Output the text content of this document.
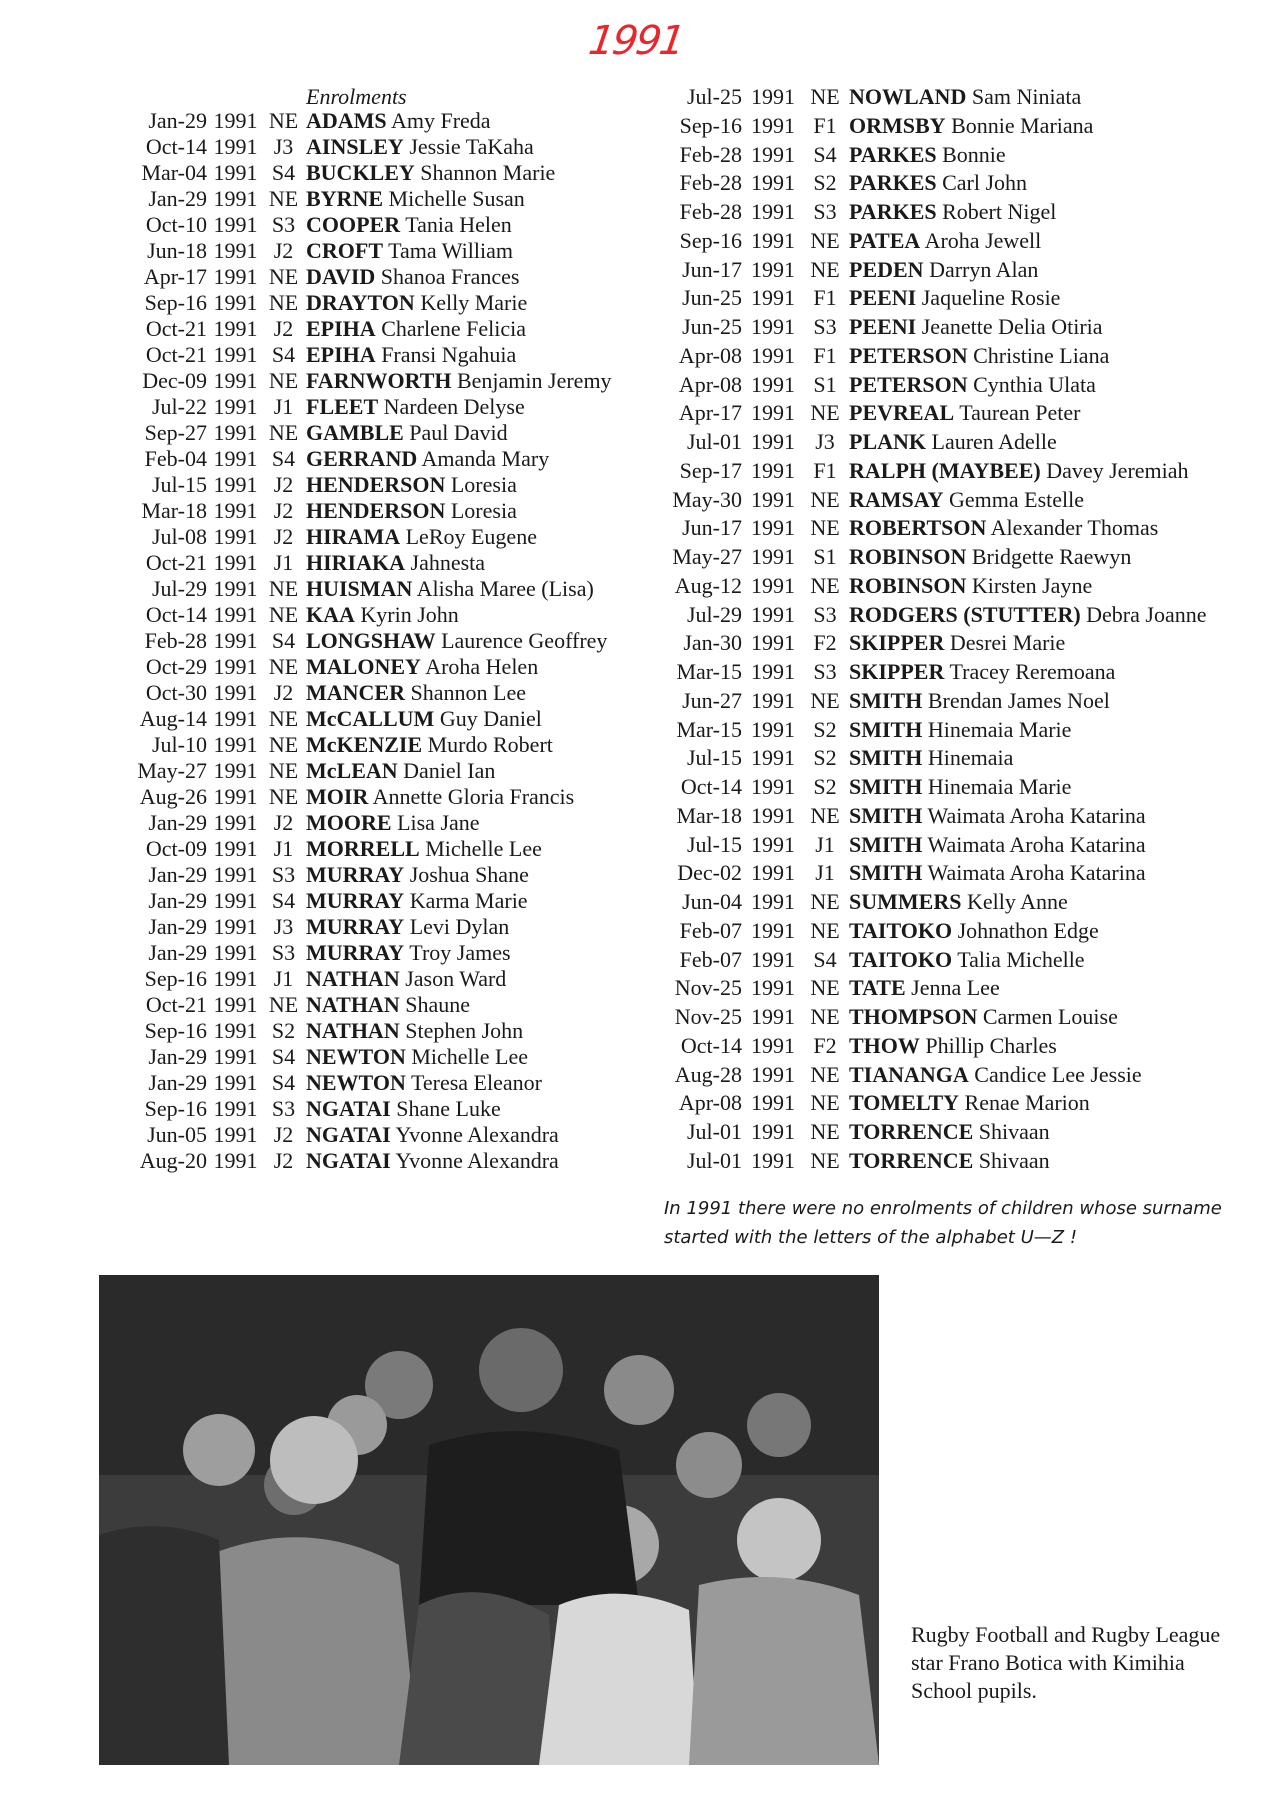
1991
Enrolments
Jan-29 1991 NE ADAMS Amy Freda
Oct-14 1991 J3 AINSLEY Jessie TaKaha
Mar-04 1991 S4 BUCKLEY Shannon Marie
Jan-29 1991 NE BYRNE Michelle Susan
Oct-10 1991 S3 COOPER Tania Helen
Jun-18 1991 J2 CROFT Tama William
Apr-17 1991 NE DAVID Shanoa Frances
Sep-16 1991 NE DRAYTON Kelly Marie
Oct-21 1991 J2 EPIHA Charlene Felicia
Oct-21 1991 S4 EPIHA Fransi Ngahuia
Dec-09 1991 NE FARNWORTH Benjamin Jeremy
Jul-22 1991 J1 FLEET Nardeen Delyse
Sep-27 1991 NE GAMBLE Paul David
Feb-04 1991 S4 GERRAND Amanda Mary
Jul-15 1991 J2 HENDERSON Loresia
Mar-18 1991 J2 HENDERSON Loresia
Jul-08 1991 J2 HIRAMA LeRoy Eugene
Oct-21 1991 J1 HIRIAKA Jahnesta
Jul-29 1991 NE HUISMAN Alisha Maree (Lisa)
Oct-14 1991 NE KAA Kyrin John
Feb-28 1991 S4 LONGSHAW Laurence Geoffrey
Oct-29 1991 NE MALONEY Aroha Helen
Oct-30 1991 J2 MANCER Shannon Lee
Aug-14 1991 NE McCALLUM Guy Daniel
Jul-10 1991 NE McKENZIE Murdo Robert
May-27 1991 NE McLEAN Daniel Ian
Aug-26 1991 NE MOIR Annette Gloria Francis
Jan-29 1991 J2 MOORE Lisa Jane
Oct-09 1991 J1 MORRELL Michelle Lee
Jan-29 1991 S3 MURRAY Joshua Shane
Jan-29 1991 S4 MURRAY Karma Marie
Jan-29 1991 J3 MURRAY Levi Dylan
Jan-29 1991 S3 MURRAY Troy James
Sep-16 1991 J1 NATHAN Jason Ward
Oct-21 1991 NE NATHAN Shaune
Sep-16 1991 S2 NATHAN Stephen John
Jan-29 1991 S4 NEWTON Michelle Lee
Jan-29 1991 S4 NEWTON Teresa Eleanor
Sep-16 1991 S3 NGATAI Shane Luke
Jun-05 1991 J2 NGATAI Yvonne Alexandra
Aug-20 1991 J2 NGATAI Yvonne Alexandra
Jul-25 1991 NE NOWLAND Sam Niniata
Sep-16 1991 F1 ORMSBY Bonnie Mariana
Feb-28 1991 S4 PARKES Bonnie
Feb-28 1991 S2 PARKES Carl John
Feb-28 1991 S3 PARKES Robert Nigel
Sep-16 1991 NE PATEA Aroha Jewell
Jun-17 1991 NE PEDEN Darryn Alan
Jun-25 1991 F1 PEENI Jaqueline Rosie
Jun-25 1991 S3 PEENI Jeanette Delia Otiria
Apr-08 1991 F1 PETERSON Christine Liana
Apr-08 1991 S1 PETERSON Cynthia Ulata
Apr-17 1991 NE PEVREAL Taurean Peter
Jul-01 1991 J3 PLANK Lauren Adelle
Sep-17 1991 F1 RALPH (MAYBEE) Davey Jeremiah
May-30 1991 NE RAMSAY Gemma Estelle
Jun-17 1991 NE ROBERTSON Alexander Thomas
May-27 1991 S1 ROBINSON Bridgette Raewyn
Aug-12 1991 NE ROBINSON Kirsten Jayne
Jul-29 1991 S3 RODGERS (STUTTER) Debra Joanne
Jan-30 1991 F2 SKIPPER Desrei Marie
Mar-15 1991 S3 SKIPPER Tracey Reremoana
Jun-27 1991 NE SMITH Brendan James Noel
Mar-15 1991 S2 SMITH Hinemaia Marie
Jul-15 1991 S2 SMITH Hinemaia
Oct-14 1991 S2 SMITH Hinemaia Marie
Mar-18 1991 NE SMITH Waimata Aroha Katarina
Jul-15 1991 J1 SMITH Waimata Aroha Katarina
Dec-02 1991 J1 SMITH Waimata Aroha Katarina
Jun-04 1991 NE SUMMERS Kelly Anne
Feb-07 1991 NE TAITOKO Johnathon Edge
Feb-07 1991 S4 TAITOKO Talia Michelle
Nov-25 1991 NE TATE Jenna Lee
Nov-25 1991 NE THOMPSON Carmen Louise
Oct-14 1991 F2 THOW Phillip Charles
Aug-28 1991 NE TIANANGA Candice Lee Jessie
Apr-08 1991 NE TOMELTY Renae Marion
Jul-01 1991 NE TORRENCE Shivaan
Jul-01 1991 NE TORRENCE Shivaan
In 1991 there were no enrolments of children whose surname started with the letters of the alphabet U—Z !
Rugby Football and Rugby League star Frano Botica with Kimihia School pupils.
